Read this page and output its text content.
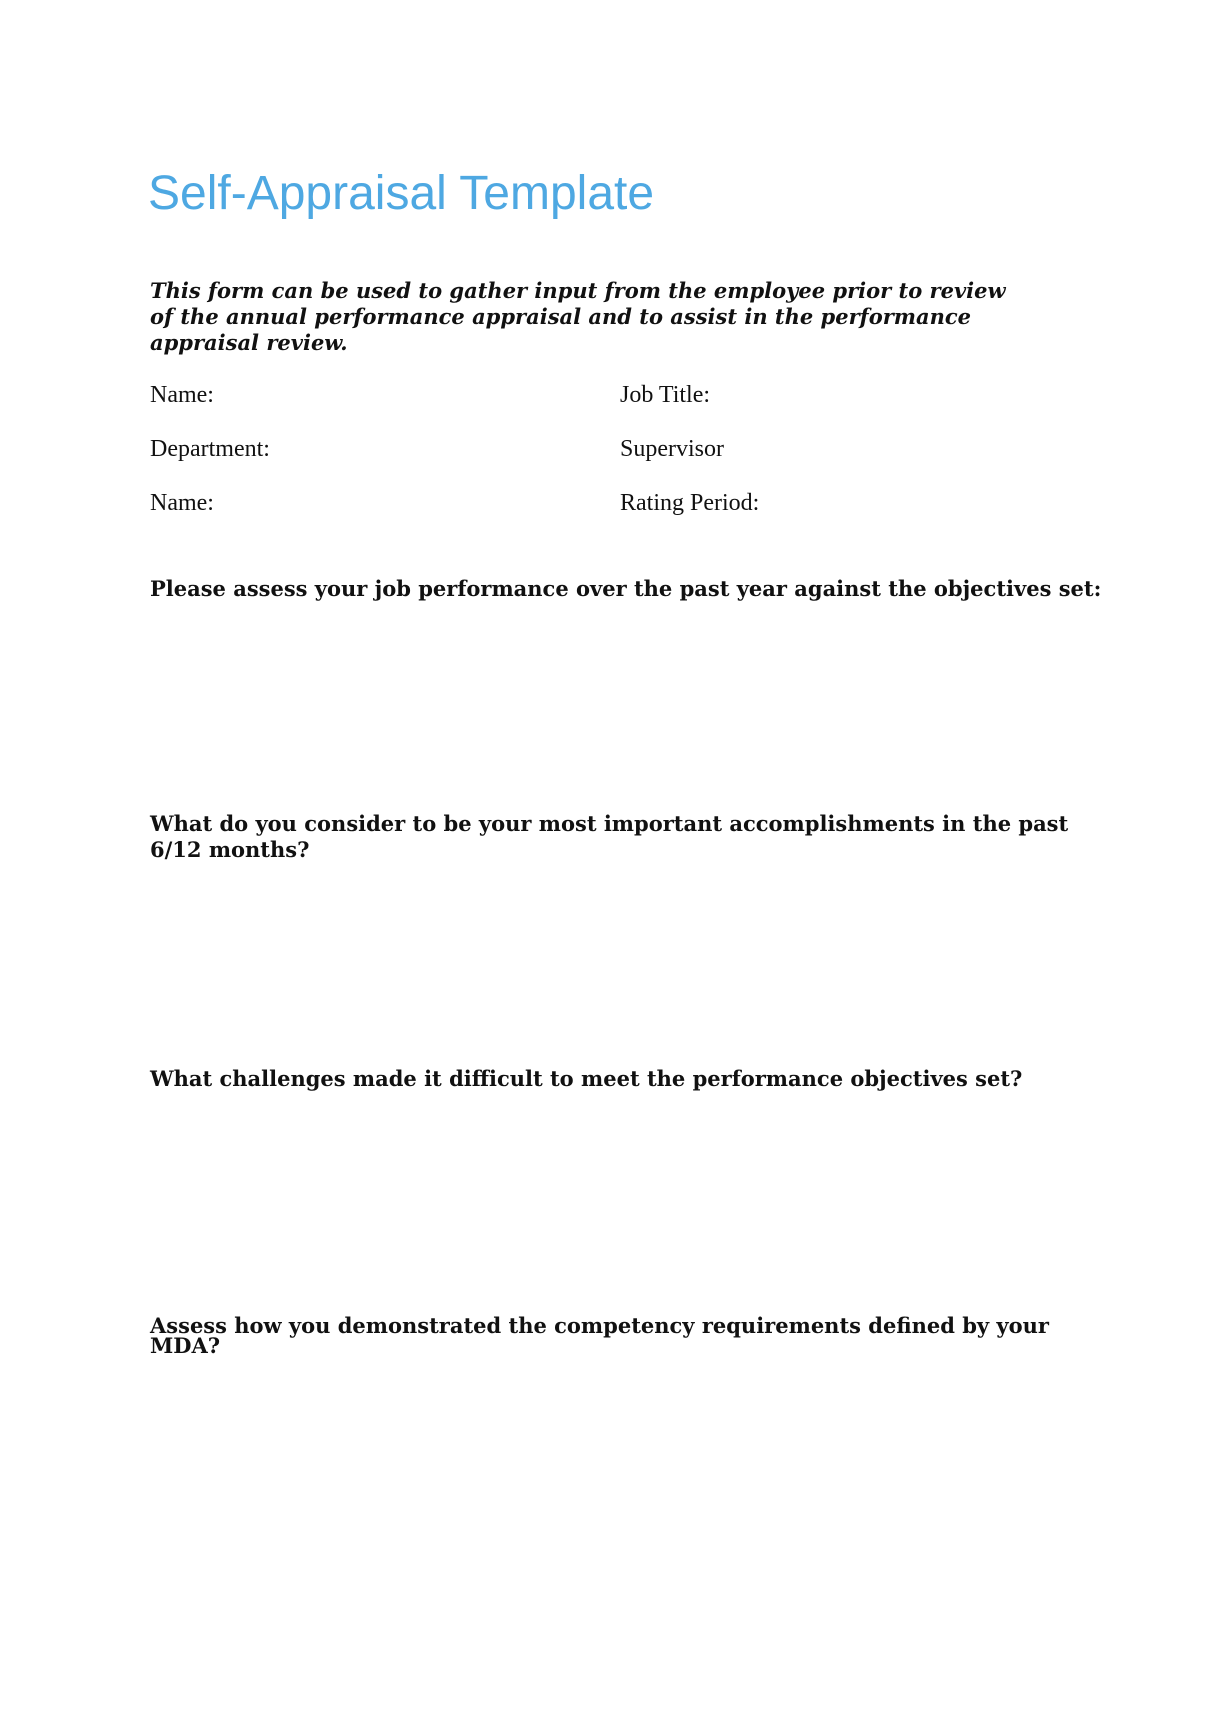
Self-Appraisal Template

This form can be used to gather input from the employee prior to review of the annual performance appraisal and to assist in the performance appraisal review.

Name:	Job Title:
Department:	Supervisor
Name:	Rating Period:

Please assess your job performance over the past year against the objectives set:

What do you consider to be your most important accomplishments in the past 6/12 months?

What challenges made it difficult to meet the performance objectives set?

Assess how you demonstrated the competency requirements defined by your MDA?
